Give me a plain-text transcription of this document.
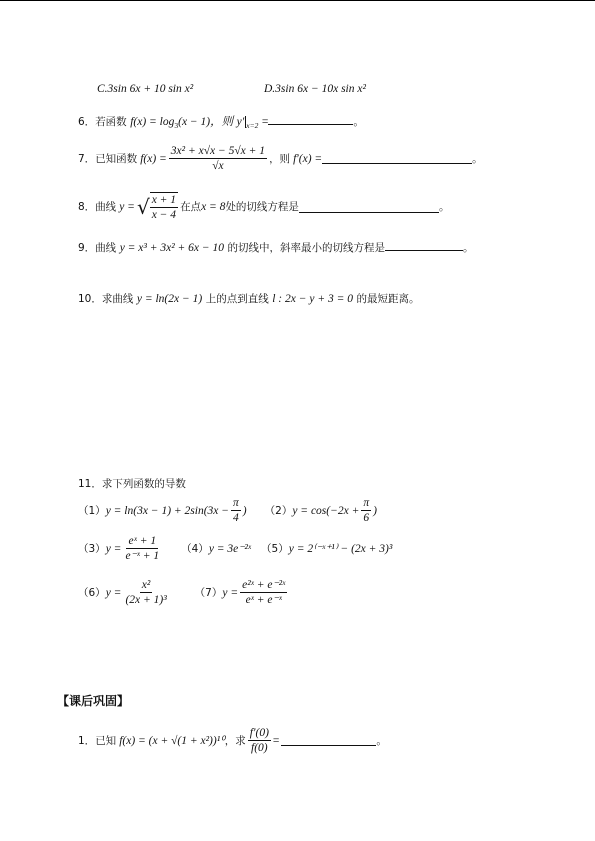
C.3sin 6x + 10 sin x²	D.3sin 6x − 10x sin x²
6．若函数 $f(x) = \log_3(x - 1)$，则 y′ $_{x=2}$ =	。
7． 已知函数 $f(x) = \frac{\text{3x² + x√x − 5√x + 1}}{√x}$ ，则 f′(x) =	。
8． 曲线 y = √ $\frac{x + 1}{x - 4}$ 在点 x = 8 处的切线方程是	。
9．曲线 y = x³ + 3x² + 6x − 10 的切线中，斜率最小的切线方程是	。
10．求曲线 y = ln(2x − 1) 上的点到直线 l : 2x − y + 3 = 0 的最短距离。
11．求下列函数的导数
（1） $y = \ln(3x - 1) + 2\sin(3x - \frac{\pi}{4}$ ) （2） $y = \cos(-2x + \frac{\pi}{6}$ )
（3） $y = \frac{\text{eˣ + 1}}{\text{e⁻ˣ + 1}} (4) y$ = 3e⁻²ˣ （5） y = 2⁽⁻ˣ⁺¹⁾ − (2x + 3)³
（6） $y = \frac{\text{x²}}{\text{(2x + 1)³}} (7) y = \frac{\text{e²ˣ + e⁻²ˣ}}{\text{eˣ + e⁻ˣ}}$
【课后巩固】
1． 已知 f(x) = (x + √(1 + x²))¹⁰ ，求 $\frac{f'(0)}{f(0)}$ =	。
